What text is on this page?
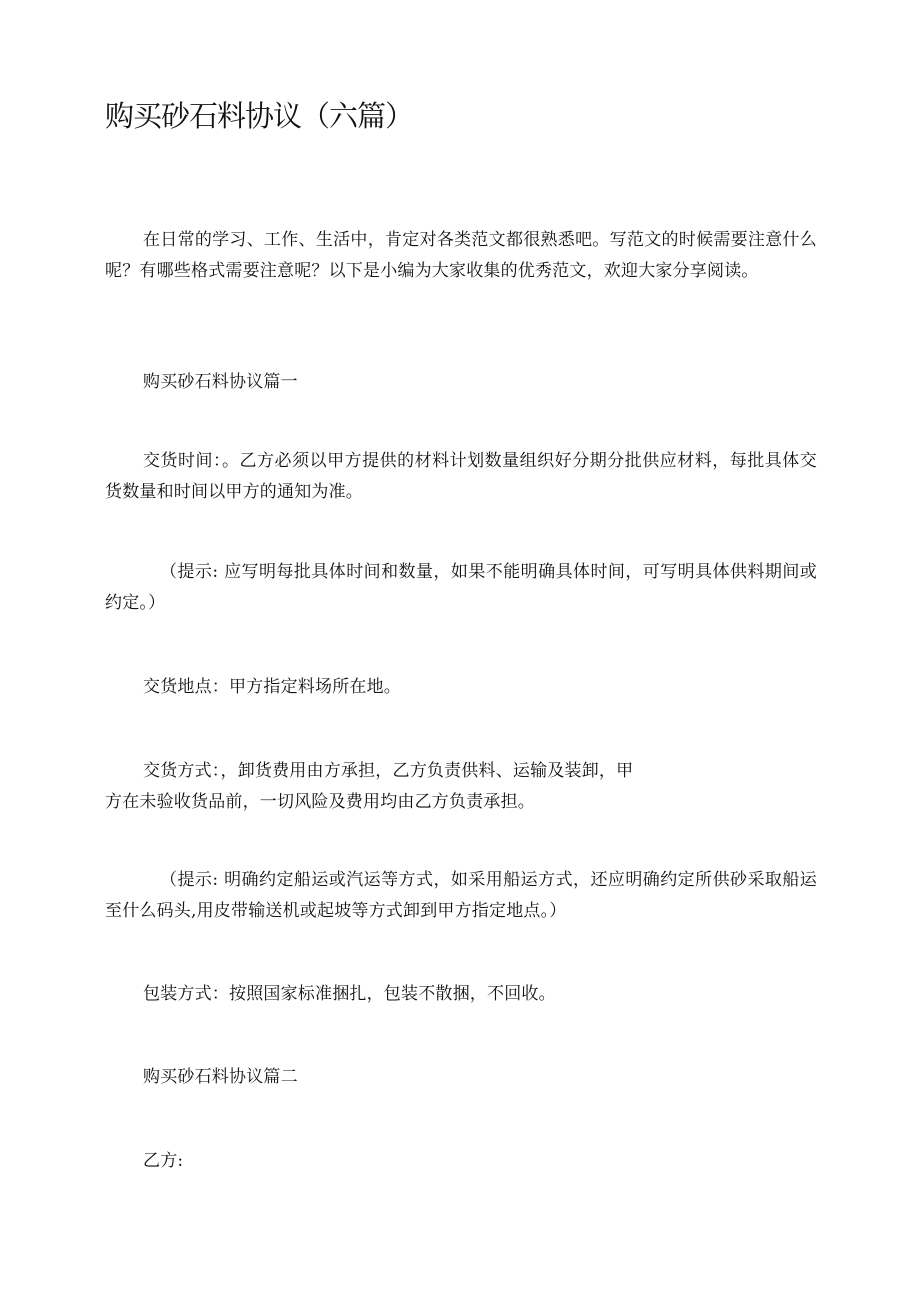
购买砂石料协议（六篇）
在日常的学习、工作、生活中，肯定对各类范文都很熟悉吧。写范文的时候需要注意什么呢？有哪些格式需要注意呢？以下是小编为大家收集的优秀范文，欢迎大家分享阅读。
购买砂石料协议篇一
交货时间：。乙方必须以甲方提供的材料计划数量组织好分期分批供应材料，每批具体交货数量和时间以甲方的通知为准。
（提示: 应写明每批具体时间和数量，如果不能明确具体时间，可写明具体供料期间或约定。）
交货地点：甲方指定料场所在地。
交货方式：，卸货费用由方承担，乙方负责供料、运输及装卸，甲
方在未验收货品前，一切风险及费用均由乙方负责承担。
（提示: 明确约定船运或汽运等方式，如采用船运方式，还应明确约定所供砂采取船运至什么码头,用皮带输送机或起坡等方式卸到甲方指定地点。）
包装方式：按照国家标准捆扎，包装不散捆，不回收。
购买砂石料协议篇二
乙方:
